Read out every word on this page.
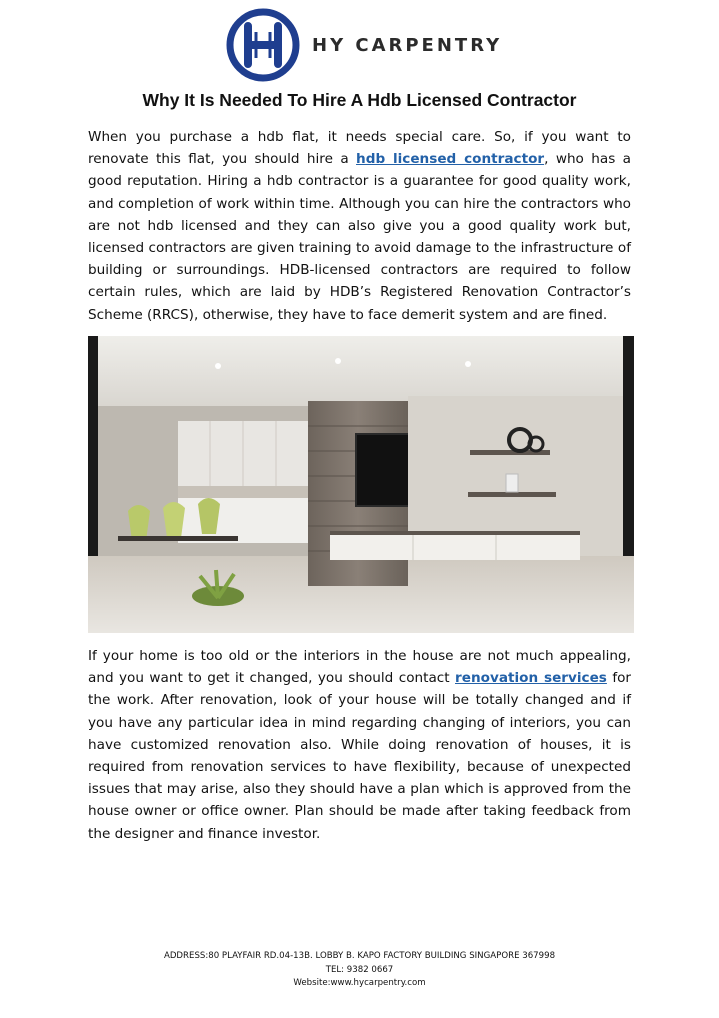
HY CARPENTRY
Why It Is Needed To Hire A Hdb Licensed Contractor
When you purchase a hdb flat, it needs special care. So, if you want to renovate this flat, you should hire a hdb licensed contractor, who has a good reputation. Hiring a hdb contractor is a guarantee for good quality work, and completion of work within time. Although you can hire the contractors who are not hdb licensed and they can also give you a good quality work but, licensed contractors are given training to avoid damage to the infrastructure of building or surroundings. HDB-licensed contractors are required to follow certain rules, which are laid by HDB’s Registered Renovation Contractor’s Scheme (RRCS), otherwise, they have to face demerit system and are fined.
If your home is too old or the interiors in the house are not much appealing, and you want to get it changed, you should contact renovation services for the work. After renovation, look of your house will be totally changed and if you have any particular idea in mind regarding changing of interiors, you can have customized renovation also. While doing renovation of houses, it is required from renovation services to have flexibility, because of unexpected issues that may arise, also they should have a plan which is approved from the house owner or office owner. Plan should be made after taking feedback from the designer and finance investor.
ADDRESS:80 PLAYFAIR RD.04-13B. LOBBY B. KAPO FACTORY BUILDING SINGAPORE 367998
TEL: 9382 0667
Website:www.hycarpentry.com
